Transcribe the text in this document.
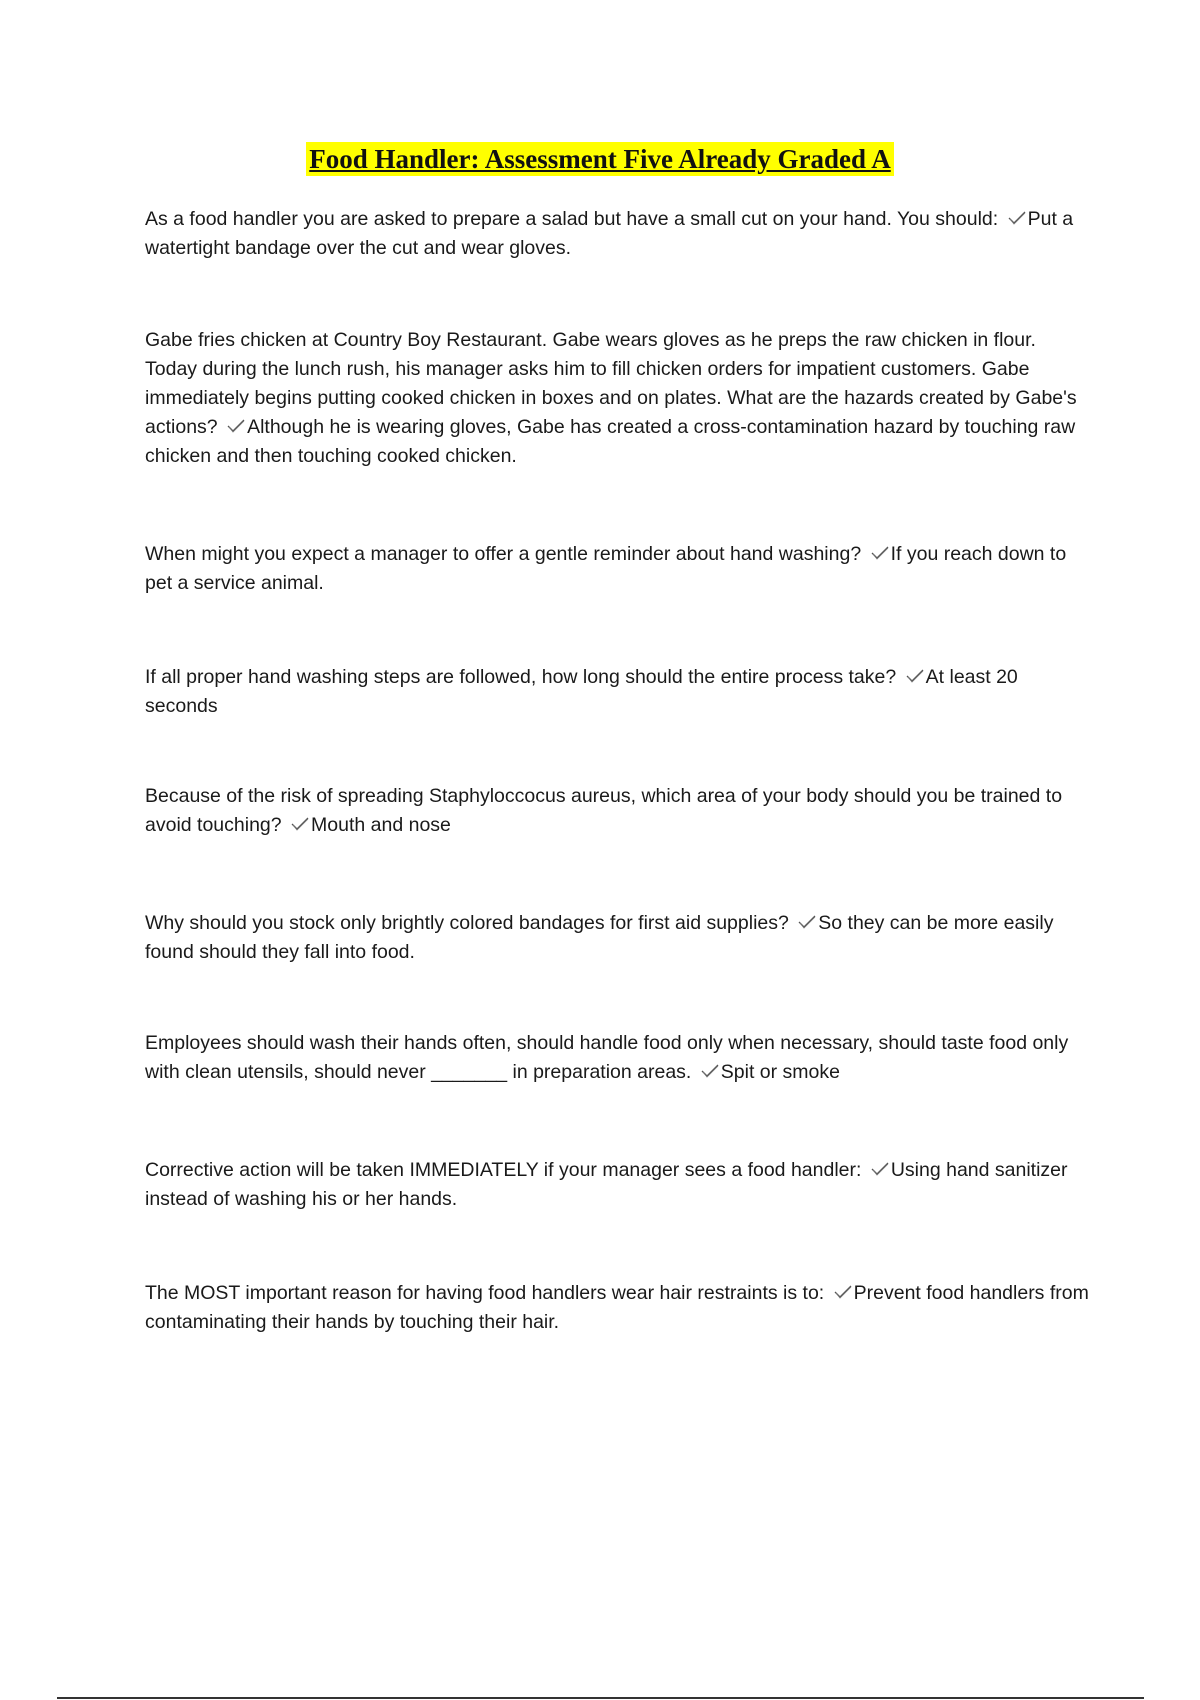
Food Handler: Assessment Five Already Graded A

As a food handler you are asked to prepare a salad but have a small cut on your hand. You should: Put a watertight bandage over the cut and wear gloves.

Gabe fries chicken at Country Boy Restaurant. Gabe wears gloves as he preps the raw chicken in flour. Today during the lunch rush, his manager asks him to fill chicken orders for impatient customers. Gabe immediately begins putting cooked chicken in boxes and on plates. What are the hazards created by Gabe's actions? Although he is wearing gloves, Gabe has created a cross-contamination hazard by touching raw chicken and then touching cooked chicken.

When might you expect a manager to offer a gentle reminder about hand washing? If you reach down to pet a service animal.

If all proper hand washing steps are followed, how long should the entire process take? At least 20 seconds

Because of the risk of spreading Staphyloccocus aureus, which area of your body should you be trained to avoid touching? Mouth and nose

Why should you stock only brightly colored bandages for first aid supplies? So they can be more easily found should they fall into food.

Employees should wash their hands often, should handle food only when necessary, should taste food only with clean utensils, should never _______ in preparation areas. Spit or smoke

Corrective action will be taken IMMEDIATELY if your manager sees a food handler: Using hand sanitizer instead of washing his or her hands.

The MOST important reason for having food handlers wear hair restraints is to: Prevent food handlers from contaminating their hands by touching their hair.
